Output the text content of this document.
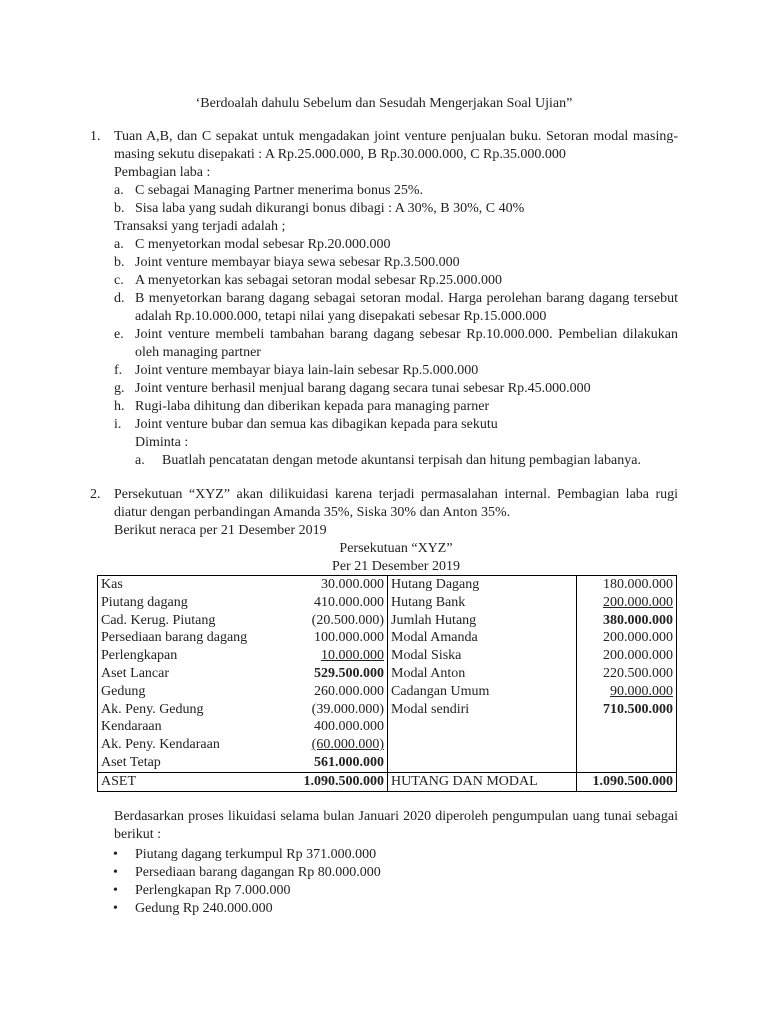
‘Berdoalah dahulu Sebelum dan Sesudah Mengerjakan Soal Ujian”
1. Tuan A,B, dan C sepakat untuk mengadakan joint venture penjualan buku. Setoran modal masing-masing sekutu disepakati : A Rp.25.000.000, B Rp.30.000.000, C Rp.35.000.000
Pembagian laba :
a. C sebagai Managing Partner menerima bonus 25%.
b. Sisa laba yang sudah dikurangi bonus dibagi : A 30%, B 30%, C 40%
Transaksi yang terjadi adalah ;
a. C menyetorkan modal sebesar Rp.20.000.000
b. Joint venture membayar biaya sewa sebesar Rp.3.500.000
c. A menyetorkan kas sebagai setoran modal sebesar Rp.25.000.000
d. B menyetorkan barang dagang sebagai setoran modal. Harga perolehan barang dagang tersebut adalah Rp.10.000.000, tetapi nilai yang disepakati sebesar Rp.15.000.000
e. Joint venture membeli tambahan barang dagang sebesar Rp.10.000.000. Pembelian dilakukan oleh managing partner
f. Joint venture membayar biaya lain-lain sebesar Rp.5.000.000
g. Joint venture berhasil menjual barang dagang secara tunai sebesar Rp.45.000.000
h. Rugi-laba dihitung dan diberikan kepada para managing parner
i. Joint venture bubar dan semua kas dibagikan kepada para sekutu
Diminta :
a. Buatlah pencatatan dengan metode akuntansi terpisah dan hitung pembagian labanya.
2. Persekutuan “XYZ” akan dilikuidasi karena terjadi permasalahan internal. Pembagian laba rugi diatur dengan perbandingan Amanda 35%, Siska 30% dan Anton 35%.
Berikut neraca per 21 Desember 2019
Persekutuan “XYZ”
Per 21 Desember 2019
Kas	30.000.000	Hutang Dagang	180.000.000
Piutang dagang	410.000.000	Hutang Bank	200.000.000
Cad. Kerug. Piutang	(20.500.000)	Jumlah Hutang	380.000.000
Persediaan barang dagang	100.000.000	Modal Amanda	200.000.000
Perlengkapan	10.000.000	Modal Siska	200.000.000
Aset Lancar	529.500.000	Modal Anton	220.500.000
Gedung	260.000.000	Cadangan Umum	90.000.000
Ak. Peny. Gedung	(39.000.000)	Modal sendiri	710.500.000
Kendaraan	400.000.000		
Ak. Peny. Kendaraan	(60.000.000)		
Aset Tetap	561.000.000		
ASET	1.090.500.000	HUTANG DAN MODAL	1.090.500.000
Berdasarkan proses likuidasi selama bulan Januari 2020 diperoleh pengumpulan uang tunai sebagai berikut :
• Piutang dagang terkumpul Rp 371.000.000
• Persediaan barang dagangan Rp 80.000.000
• Perlengkapan Rp 7.000.000
• Gedung Rp 240.000.000
